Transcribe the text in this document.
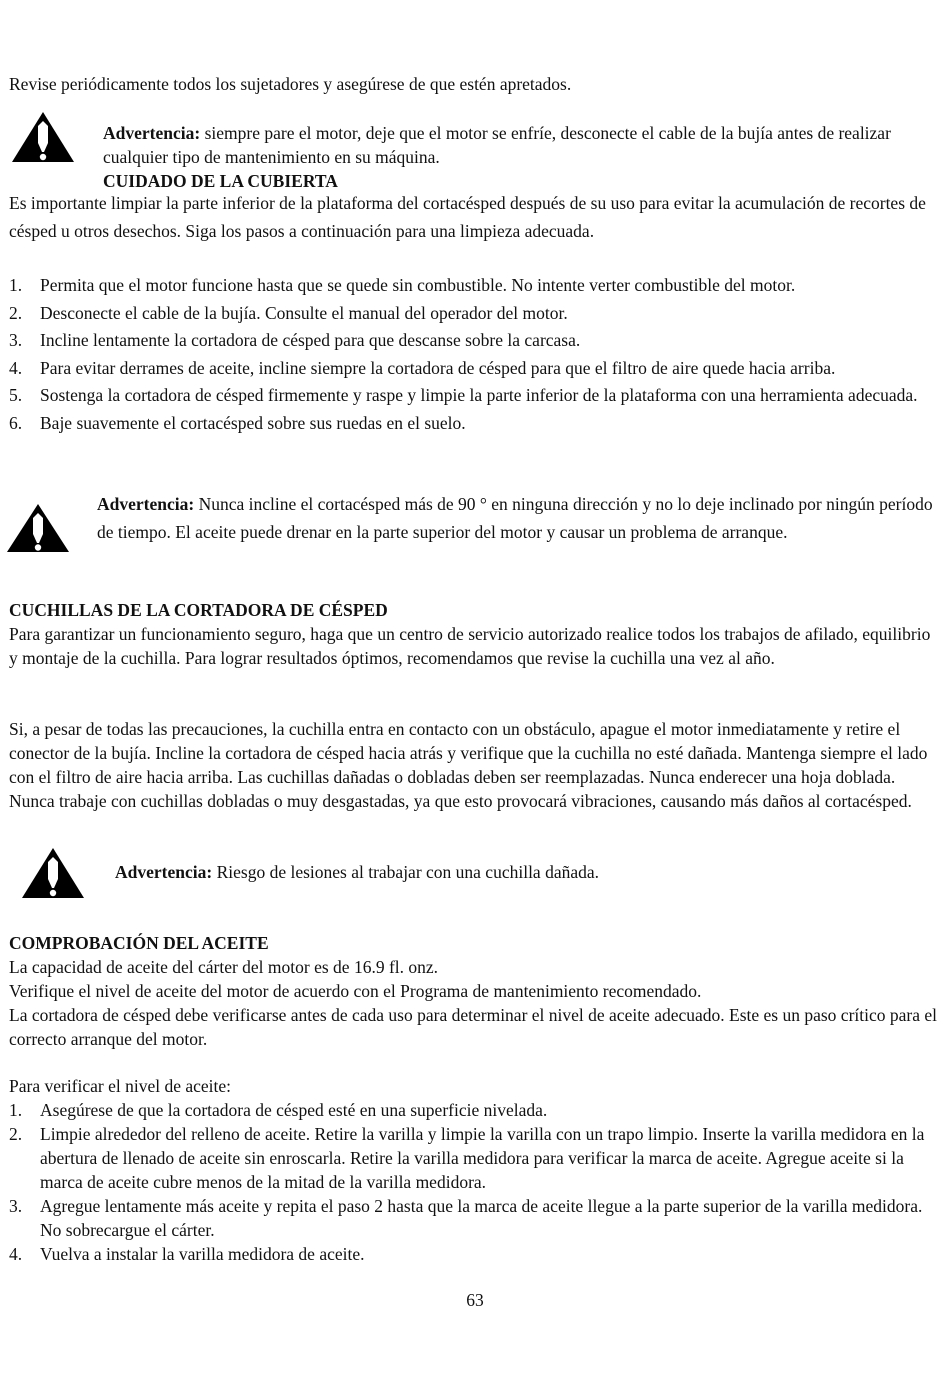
Revise periódicamente todos los sujetadores y asegúrese de que estén apretados.

Advertencia: siempre pare el motor, deje que el motor se enfríe, desconecte el cable de la bujía antes de realizar cualquier tipo de mantenimiento en su máquina.

CUIDADO DE LA CUBIERTA

Es importante limpiar la parte inferior de la plataforma del cortacésped después de su uso para evitar la acumulación de recortes de césped u otros desechos. Siga los pasos a continuación para una limpieza adecuada.

1. Permita que el motor funcione hasta que se quede sin combustible. No intente verter combustible del motor.
2. Desconecte el cable de la bujía. Consulte el manual del operador del motor.
3. Incline lentamente la cortadora de césped para que descanse sobre la carcasa.
4. Para evitar derrames de aceite, incline siempre la cortadora de césped para que el filtro de aire quede hacia arriba.
5. Sostenga la cortadora de césped firmemente y raspe y limpie la parte inferior de la plataforma con una herramienta adecuada.
6. Baje suavemente el cortacésped sobre sus ruedas en el suelo.
Advertencia: Nunca incline el cortacésped más de 90 ° en ninguna dirección y no lo deje inclinado por ningún período de tiempo. El aceite puede drenar en la parte superior del motor y causar un problema de arranque.

CUCHILLAS DE LA CORTADORA DE CÉSPED

Para garantizar un funcionamiento seguro, haga que un centro de servicio autorizado realice todos los trabajos de afilado, equilibrio y montaje de la cuchilla. Para lograr resultados óptimos, recomendamos que revise la cuchilla una vez al año.

Si, a pesar de todas las precauciones, la cuchilla entra en contacto con un obstáculo, apague el motor inmediatamente y retire el conector de la bujía. Incline la cortadora de césped hacia atrás y verifique que la cuchilla no esté dañada. Mantenga siempre el lado con el filtro de aire hacia arriba. Las cuchillas dañadas o dobladas deben ser reemplazadas. Nunca enderecer una hoja doblada. Nunca trabaje con cuchillas dobladas o muy desgastadas, ya que esto provocará vibraciones, causando más daños al cortacésped.

Advertencia: Riesgo de lesiones al trabajar con una cuchilla dañada.

COMPROBACIÓN DEL ACEITE

La capacidad de aceite del cárter del motor es de 16.9 fl. onz.

Verifique el nivel de aceite del motor de acuerdo con el Programa de mantenimiento recomendado.

La cortadora de césped debe verificarse antes de cada uso para determinar el nivel de aceite adecuado. Este es un paso crítico para el correcto arranque del motor.

Para verificar el nivel de aceite:

1. Asegúrese de que la cortadora de césped esté en una superficie nivelada.
2. Limpie alrededor del relleno de aceite. Retire la varilla y limpie la varilla con un trapo limpio. Inserte la varilla medidora en la abertura de llenado de aceite sin enroscarla. Retire la varilla medidora para verificar la marca de aceite. Agregue aceite si la marca de aceite cubre menos de la mitad de la varilla medidora.
3. Agregue lentamente más aceite y repita el paso 2 hasta que la marca de aceite llegue a la parte superior de la varilla medidora. No sobrecargue el cárter.
4. Vuelva a instalar la varilla medidora de aceite.

63
